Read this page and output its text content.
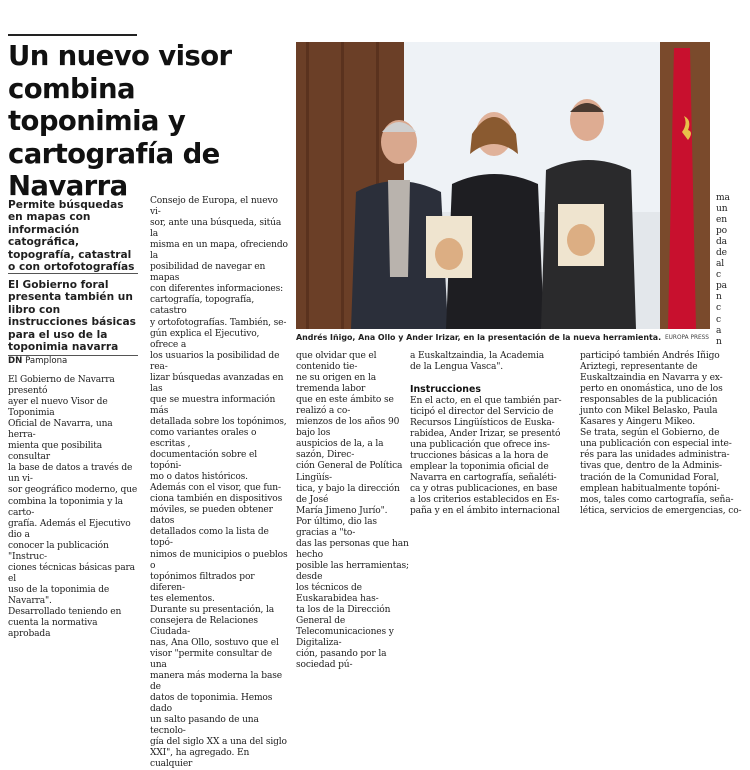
Un nuevo visor combina toponimia y cartografía de Navarra

Permite búsquedas en mapas con información catográfica, topografía, catastral o con ortofotografías

El Gobierno foral presenta también un libro con instrucciones básicas para el uso de la toponimia navarra

DN Pamplona

El Gobierno de Navarra presentó
ayer el nuevo Visor de Toponimia
Oficial de Navarra, una herra-
mienta que posibilita consultar
la base de datos a través de un vi-
sor geográfico moderno, que
combina la toponimia y la carto-
grafía. Además el Ejecutivo dio a
conocer la publicación "Instruc-
ciones técnicas básicas para el
uso de la toponimia de Navarra".
Desarrollado teniendo en
cuenta la normativa aprobada

Consejo de Europa, el nuevo vi-
sor, ante una búsqueda, sitúa la
misma en un mapa, ofreciendo la
posibilidad de navegar en mapas
con diferentes informaciones:
cartografía, topografía, catastro
y ortofotografías. También, se-
gún explica el Ejecutivo, ofrece a
los usuarios la posibilidad de rea-
lizar búsquedas avanzadas en las
que se muestra información más
detallada sobre los topónimos,
como variantes orales o escritas ,
documentación sobre el topóni-
mo o datos históricos.
Además con el visor, que fun-
ciona también en dispositivos
móviles, se pueden obtener datos
detallados como la lista de topó-
nimos de municipios o pueblos o
topónimos filtrados por diferen-
tes elementos.
Durante su presentación, la
consejera de Relaciones Ciudada-
nas, Ana Ollo, sostuvo que el
visor "permite consultar de una
manera más moderna la base de
datos de toponimia. Hemos dado
un salto pasando de una tecnolo-
gía del siglo XX a una del siglo
XXI", ha agregado. En cualquier

Andrés Iñigo, Ana Ollo y Ander Irizar, en la presentación de la nueva herramienta. EUROPA PRESS

que olvidar que el contenido tie-
ne su origen en la tremenda labor
que en este ámbito se realizó a co-
mienzos de los años 90 bajo los
auspicios de la, a la sazón, Direc-
ción General de Política Lingüís-
tica, y bajo la dirección de José
María Jimeno Jurío".
Por último, dio las gracias a "to-
das las personas que han hecho
posible las herramientas; desde
los técnicos de Euskarabidea has-
ta los de la Dirección General de
Telecomunicaciones y Digitaliza-
ción, pasando por la sociedad pú-

a Euskaltzaindia, la Academia
de la Lengua Vasca".

Instrucciones

En el acto, en el que también par-
ticipó el director del Servicio de
Recursos Lingüísticos de Euska-
rabidea, Ander Irizar, se presentó
una publicación que ofrece ins-
trucciones básicas a la hora de
emplear la toponimia oficial de
Navarra en cartografía, señaléti-
ca y otras publicaciones, en base
a los criterios establecidos en Es-
paña y en el ámbito internacional

participó también Andrés Iñigo
Ariztegi, representante de
Euskaltzaindia en Navarra y ex-
perto en onomástica, uno de los
responsables de la publicación
junto con Mikel Belasko, Paula
Kasares y Aingeru Mikeo.
Se trata, según el Gobierno, de
una publicación con especial inte-
rés para las unidades administra-
tivas que, dentro de la Adminis-
tración de la Comunidad Foral,
emplean habitualmente topóni-
mos, tales como cartografía, seña-
lética, servicios de emergencias, co-

ma
un
en
po
da
de
al
c
pa
n
c
c
a
n
